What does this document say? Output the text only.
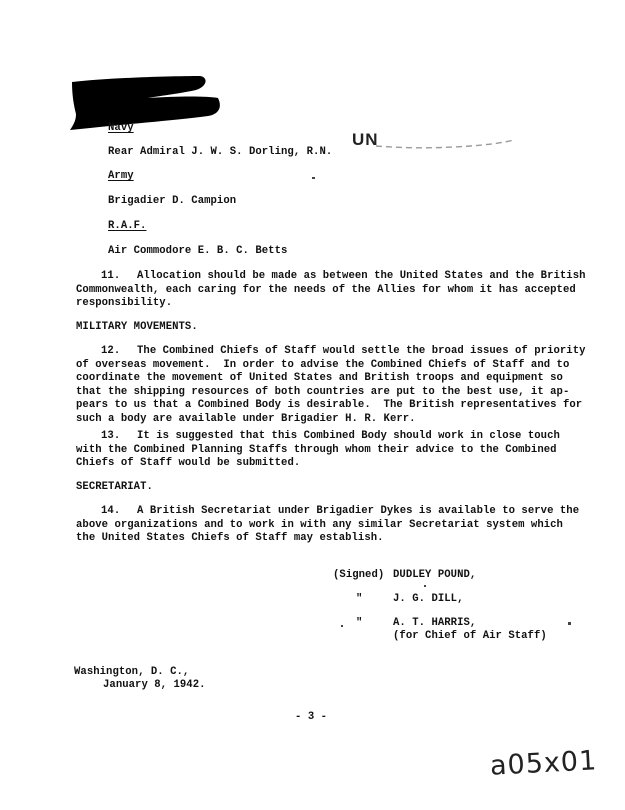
UN
Navy
Rear Admiral J. W. S. Dorling, R.N.
Army
Brigadier D. Campion
R.A.F.
Air Commodore E. B. C. Betts
11. Allocation should be made as between the United States and the British
Commonwealth, each caring for the needs of the Allies for whom it has accepted
responsibility.
MILITARY MOVEMENTS.
12. The Combined Chiefs of Staff would settle the broad issues of priority
of overseas movement.  In order to advise the Combined Chiefs of Staff and to
coordinate the movement of United States and British troops and equipment so
that the shipping resources of both countries are put to the best use, it ap-
pears to us that a Combined Body is desirable.  The British representatives for
such a body are available under Brigadier H. R. Kerr.
13. It is suggested that this Combined Body should work in close touch
with the Combined Planning Staffs through whom their advice to the Combined
Chiefs of Staff would be submitted.
SECRETARIAT.
14. A British Secretariat under Brigadier Dykes is available to serve the
above organizations and to work in with any similar Secretariat system which
the United States Chiefs of Staff may establish.
(Signed) DUDLEY POUND,
"	J. G. DILL,
"	A. T. HARRIS,
(for Chief of Air Staff)
Washington, D. C.,
January 8, 1942.
- 3 -
a05x01
